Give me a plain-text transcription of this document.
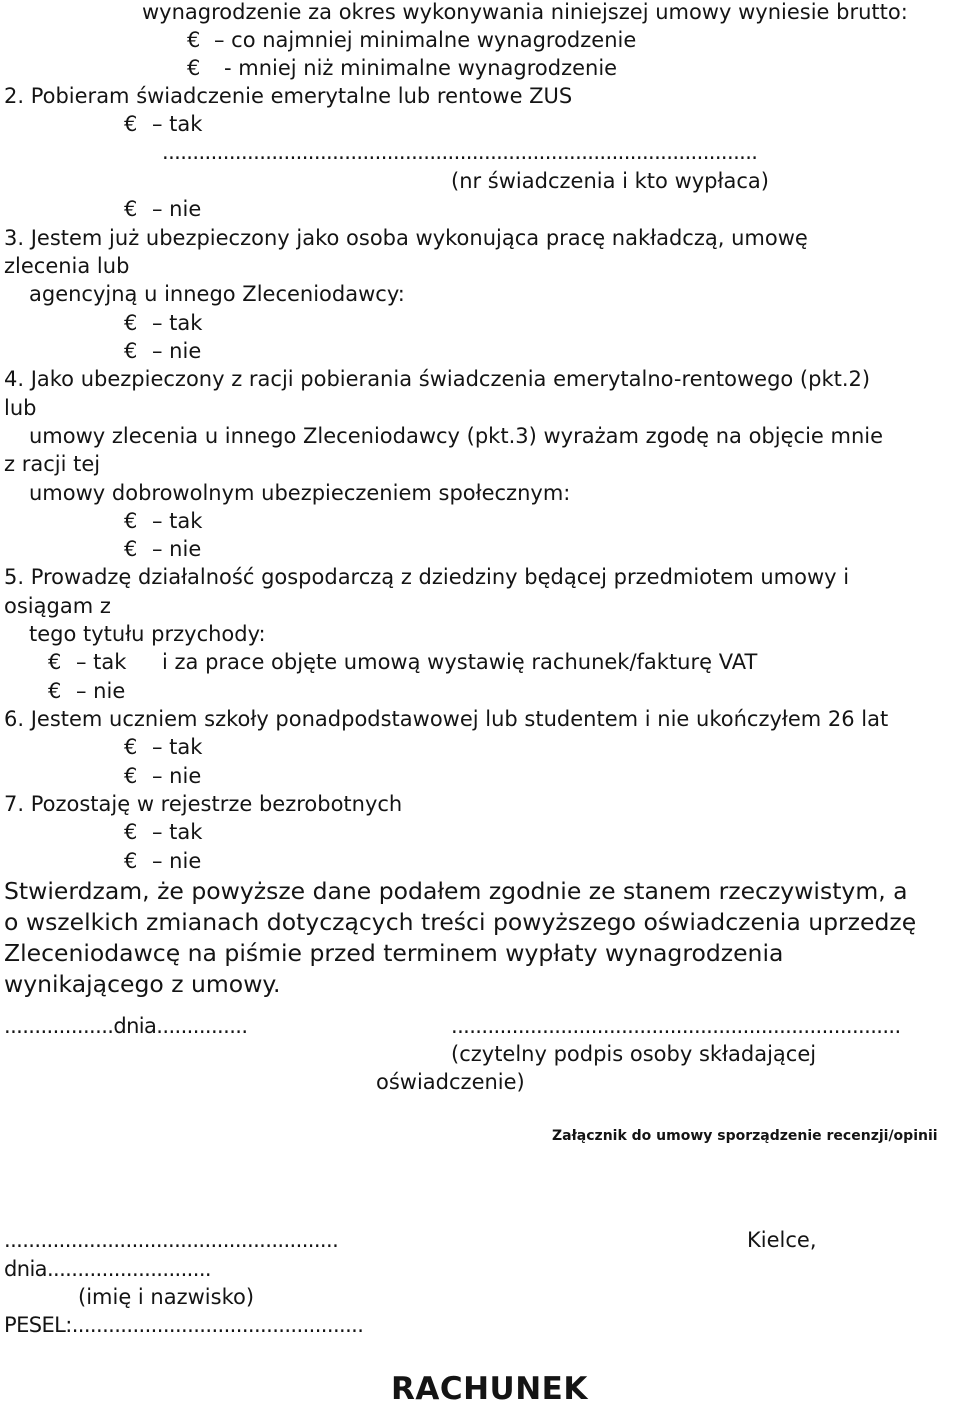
wynagrodzenie za okres wykonywania niniejszej umowy wyniesie brutto:
€ – co najmniej minimalne wynagrodzenie
€ - mniej niż minimalne wynagrodzenie
2. Pobieram świadczenie emerytalne lub rentowe ZUS
€ – tak
..................................................................................................
(nr świadczenia i kto wypłaca)
€ – nie
3. Jestem już ubezpieczony jako osoba wykonująca pracę nakładczą, umowę
zlecenia lub
agencyjną u innego Zleceniodawcy:
€ – tak
€ – nie
4. Jako ubezpieczony z racji pobierania świadczenia emerytalno-rentowego (pkt.2)
lub
umowy zlecenia u innego Zleceniodawcy (pkt.3) wyrażam zgodę na objęcie mnie
z racji tej
umowy dobrowolnym ubezpieczeniem społecznym:
€ – tak
€ – nie
5. Prowadzę działalność gospodarczą z dziedziny będącej przedmiotem umowy i
osiągam z
tego tytułu przychody:
€ – tak i za prace objęte umową wystawię rachunek/fakturę VAT
€ – nie
6. Jestem uczniem szkoły ponadpodstawowej lub studentem i nie ukończyłem 26 lat
€ – tak
€ – nie
7. Pozostaję w rejestrze bezrobotnych
€ – tak
€ – nie
Stwierdzam, że powyższe dane podałem zgodnie ze stanem rzeczywistym, a
o wszelkich zmianach dotyczących treści powyższego oświadczenia uprzedzę
Zleceniodawcę na piśmie przed terminem wypłaty wynagrodzenia
wynikającego z umowy.
..................dnia...............	..........................................................................
(czytelny podpis osoby składającej
oświadczenie)
Załącznik do umowy sporządzenie recenzji/opinii
.......................................................	Kielce,
dnia...........................
(imię i nazwisko)
PESEL:................................................
RACHUNEK
